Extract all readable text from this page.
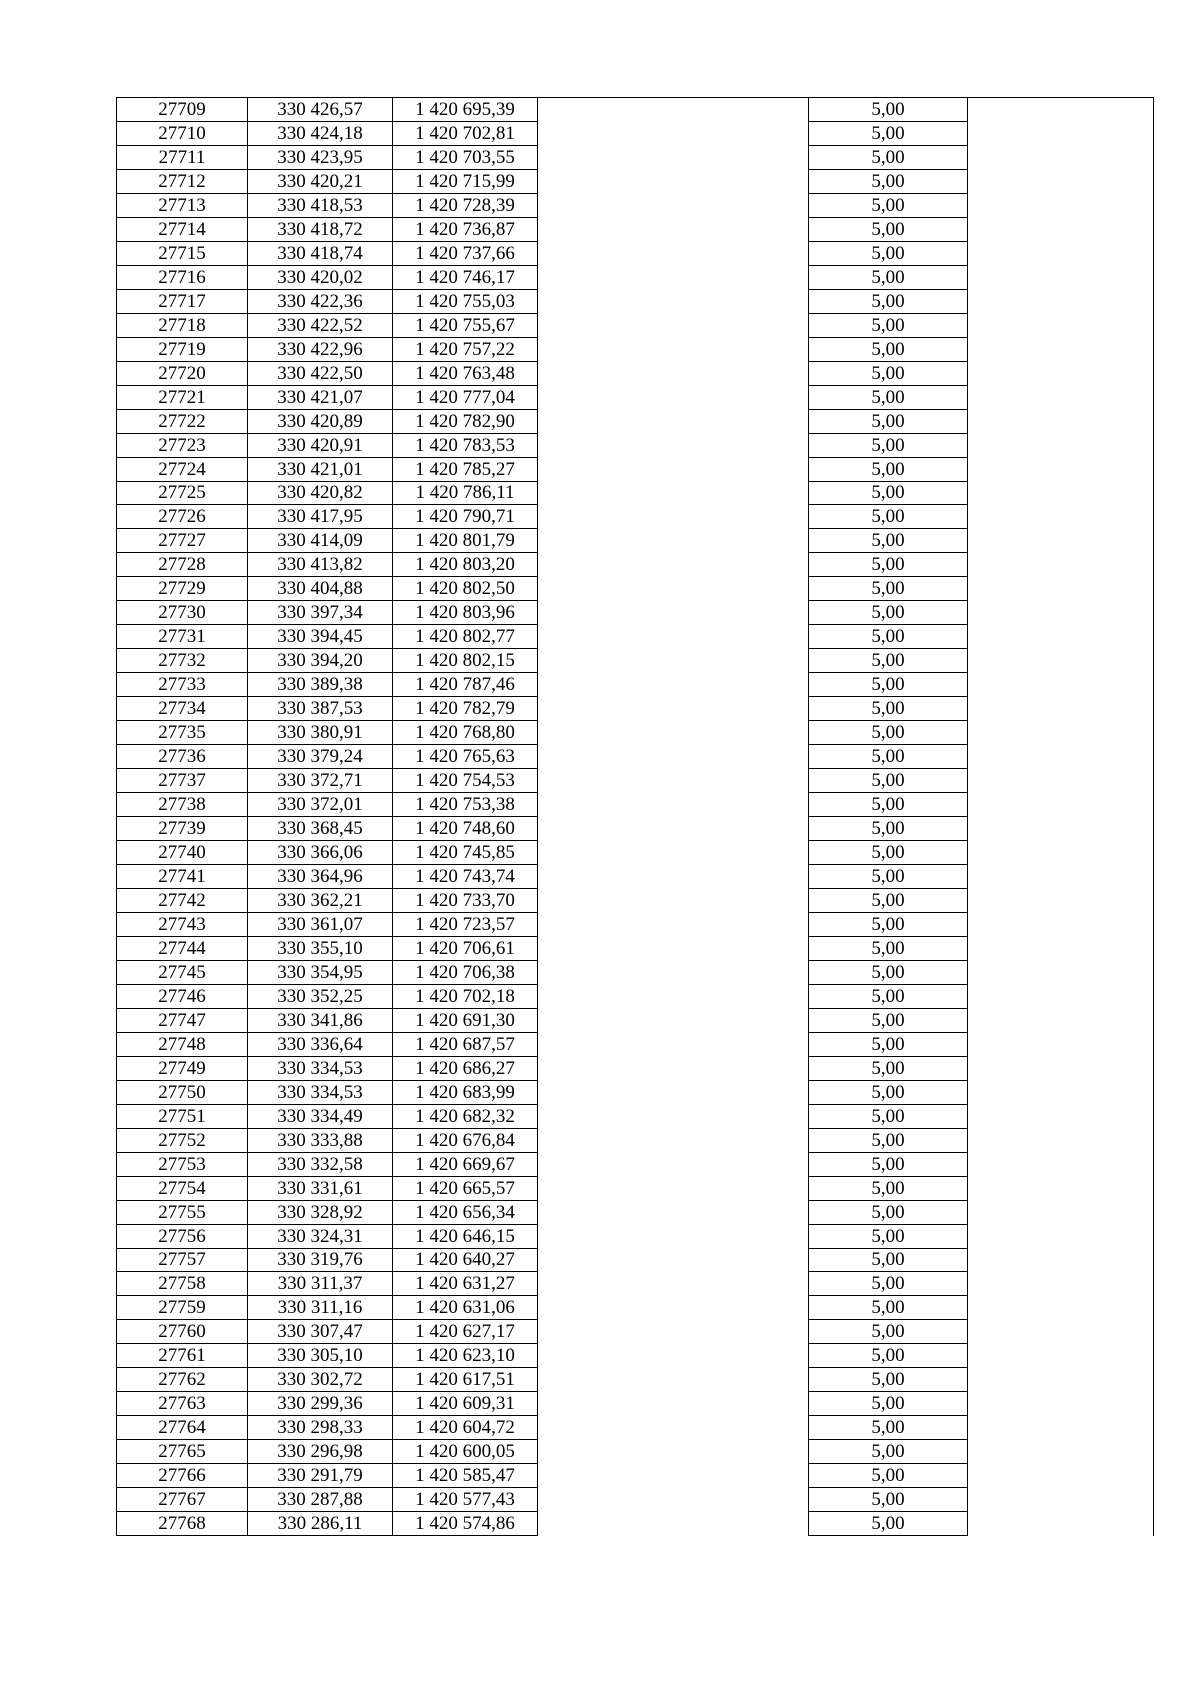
27709	330 426,57	1 420 695,39		5,00	
27710	330 424,18	1 420 702,81		5,00	
27711	330 423,95	1 420 703,55		5,00	
27712	330 420,21	1 420 715,99		5,00	
27713	330 418,53	1 420 728,39		5,00	
27714	330 418,72	1 420 736,87		5,00	
27715	330 418,74	1 420 737,66		5,00	
27716	330 420,02	1 420 746,17		5,00	
27717	330 422,36	1 420 755,03		5,00	
27718	330 422,52	1 420 755,67		5,00	
27719	330 422,96	1 420 757,22		5,00	
27720	330 422,50	1 420 763,48		5,00	
27721	330 421,07	1 420 777,04		5,00	
27722	330 420,89	1 420 782,90		5,00	
27723	330 420,91	1 420 783,53		5,00	
27724	330 421,01	1 420 785,27		5,00	
27725	330 420,82	1 420 786,11		5,00	
27726	330 417,95	1 420 790,71		5,00	
27727	330 414,09	1 420 801,79		5,00	
27728	330 413,82	1 420 803,20		5,00	
27729	330 404,88	1 420 802,50		5,00	
27730	330 397,34	1 420 803,96		5,00	
27731	330 394,45	1 420 802,77		5,00	
27732	330 394,20	1 420 802,15		5,00	
27733	330 389,38	1 420 787,46		5,00	
27734	330 387,53	1 420 782,79		5,00	
27735	330 380,91	1 420 768,80		5,00	
27736	330 379,24	1 420 765,63		5,00	
27737	330 372,71	1 420 754,53		5,00	
27738	330 372,01	1 420 753,38		5,00	
27739	330 368,45	1 420 748,60		5,00	
27740	330 366,06	1 420 745,85		5,00	
27741	330 364,96	1 420 743,74		5,00	
27742	330 362,21	1 420 733,70		5,00	
27743	330 361,07	1 420 723,57		5,00	
27744	330 355,10	1 420 706,61		5,00	
27745	330 354,95	1 420 706,38		5,00	
27746	330 352,25	1 420 702,18		5,00	
27747	330 341,86	1 420 691,30		5,00	
27748	330 336,64	1 420 687,57		5,00	
27749	330 334,53	1 420 686,27		5,00	
27750	330 334,53	1 420 683,99		5,00	
27751	330 334,49	1 420 682,32		5,00	
27752	330 333,88	1 420 676,84		5,00	
27753	330 332,58	1 420 669,67		5,00	
27754	330 331,61	1 420 665,57		5,00	
27755	330 328,92	1 420 656,34		5,00	
27756	330 324,31	1 420 646,15		5,00	
27757	330 319,76	1 420 640,27		5,00	
27758	330 311,37	1 420 631,27		5,00	
27759	330 311,16	1 420 631,06		5,00	
27760	330 307,47	1 420 627,17		5,00	
27761	330 305,10	1 420 623,10		5,00	
27762	330 302,72	1 420 617,51		5,00	
27763	330 299,36	1 420 609,31		5,00	
27764	330 298,33	1 420 604,72		5,00	
27765	330 296,98	1 420 600,05		5,00	
27766	330 291,79	1 420 585,47		5,00	
27767	330 287,88	1 420 577,43		5,00	
27768	330 286,11	1 420 574,86		5,00	
